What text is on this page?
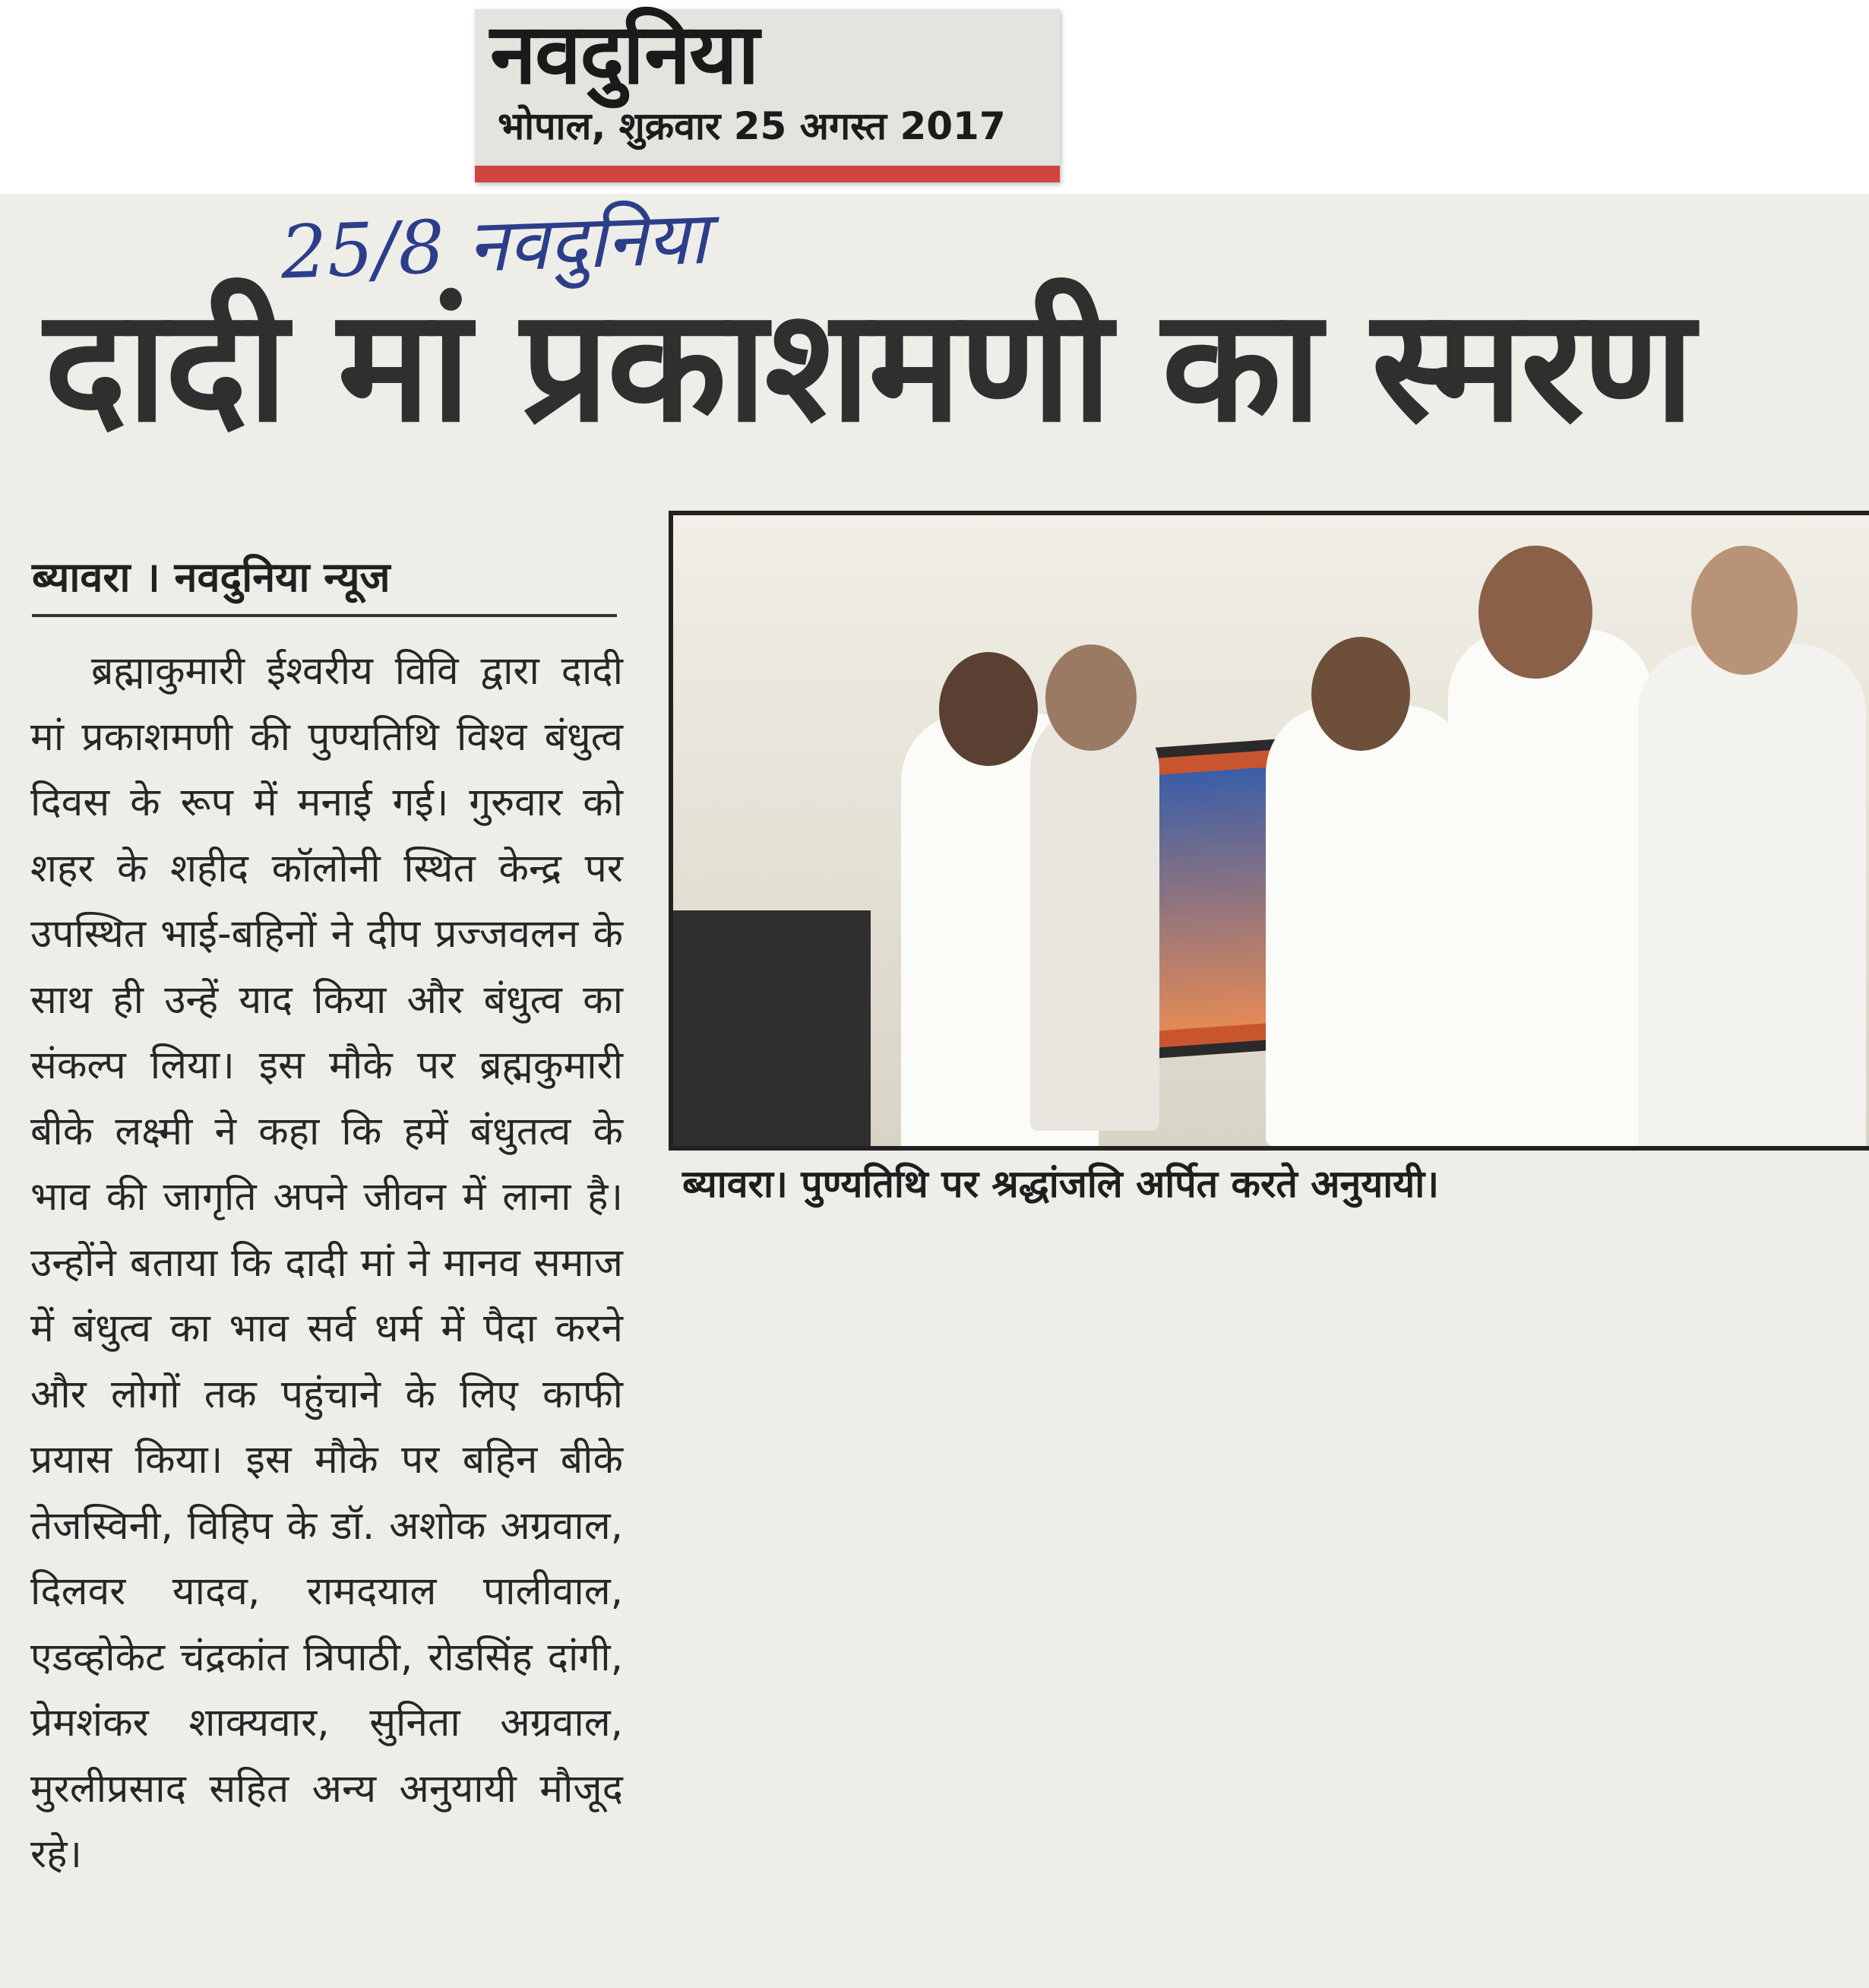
नवदुनिया
भोपाल, शुक्रवार 25 अगस्त 2017
25/8 नवदुनिया
दादी मां प्रकाशमणी का स्मरण
ब्यावरा । नवदुनिया न्यूज
ब्रह्माकुमारी ईश्वरीय विवि द्वारा दादी मां प्रकाशमणी की पुण्यतिथि विश्व बंधुत्व दिवस के रूप में मनाई गई। गुरुवार को शहर के शहीद कॉलोनी स्थित केन्द्र पर उपस्थित भाई-बहिनों ने दीप प्रज्जवलन के साथ ही उन्हें याद किया और बंधुत्व का संकल्प लिया। इस मौके पर ब्रह्मकुमारी बीके लक्ष्मी ने कहा कि हमें बंधुतत्व के भाव की जागृति अपने जीवन में लाना है। उन्होंने बताया कि दादी मां ने मानव समाज में बंधुत्व का भाव सर्व धर्म में पैदा करने और लोगों तक पहुंचाने के लिए काफी प्रयास किया। इस मौके पर बहिन बीके तेजस्विनी, विहिप के डॉ. अशोक अग्रवाल, दिलवर यादव, रामदयाल पालीवाल, एडव्होकेट चंद्रकांत त्रिपाठी, रोडसिंह दांगी, प्रेमशंकर शाक्यवार, सुनिता अग्रवाल, मुरलीप्रसाद सहित अन्य अनुयायी मौजूद रहे।
ब्यावरा। पुण्यतिथि पर श्रद्धांजलि अर्पित करते अनुयायी।
